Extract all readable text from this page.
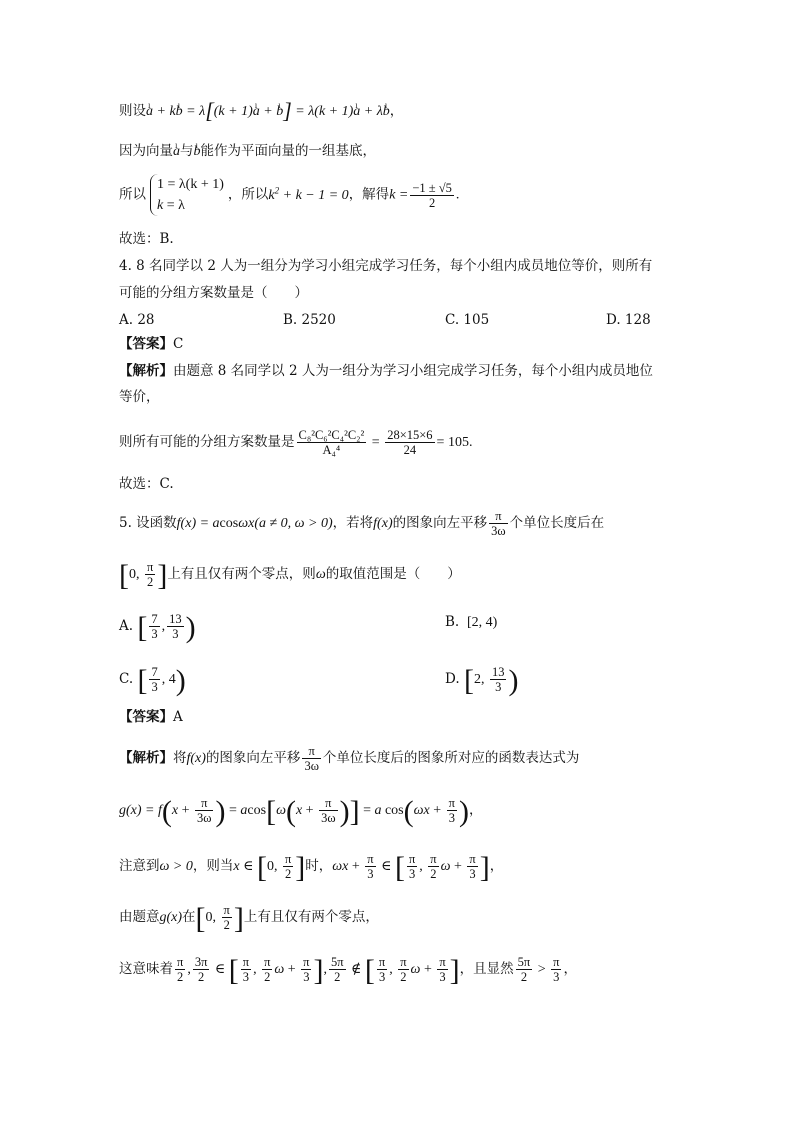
则设ı a + kı b = λ[(k + 1)ı a + ı b] = λ(k + 1)ı a + λı b，
因为向量ı a与ı b能作为平面向量的一组基底，
所以1 = λ(k + 1)
k = λ，所以$k^2 + k - 1 = 0$，解得$k = \frac{-1 \pm √5}{2}$ .
故选：B.
4. 8 名同学以 2 人为一组分为学习小组完成学习任务，每个小组内成员地位等价，则所有
可能的分组方案数量是（　　）
A. 28	B. 2520	C. 105	D. 128
【答案】C
【解析】由题意 8 名同学以 2 人为一组分为学习小组完成学习任务，每个小组内成员地位
等价，
则所有可能的分组方案数量是 $\frac{\text{C₈²C₆²C₄²C₂²}}{\text{A₄⁴}} = \frac{28\times 15\times 6}{24} = 105$.
故选：C.
5. 设函数f(x) = acosωx(a ≠ 0, ω > 0)，若将f(x)的图象向左平移 $\frac{\pi}{3\omega}$ 个单位长度后在
[0, $\frac{\pi}{2}$ ]上有且仅有两个零点，则ω的取值范围是（　　）
A. [ $\frac{7}{3}$ , $\frac{13}{3}$ )	B.  [2, 4)
C. [ $\frac{7}{3}$ , 4)	D. [2, $\frac{13}{3}$ )
【答案】A
【解析】将f(x)的图象向左平移 $\frac{\pi}{3\omega}$ 个单位长度后的图象所对应的函数表达式为
$g(x) = f(x + \frac{\pi}{3\omega}$ ) = $acos[\omega(x + \frac{\pi}{3\omega}$ )] = a $\cos(\omega x + \frac{\pi}{3}$ )，
注意到ω > 0，则当x ∈ [0, $\frac{\pi}{2}$ ]时，$\omega x + \frac{\pi}{3}$ ∈ [ $\frac{\pi}{3}$ , $\frac{\pi}{2}$ $\omega + \frac{\pi}{3}$ ]，
由题意g(x)在[0, $\frac{\pi}{2}$ ]上有且仅有两个零点，
这意味着 $\frac{\pi}{2}$ , $\frac{3\pi}{2}$ ∈ [ $\frac{\pi}{3}$ , $\frac{\pi}{2}$ $\omega + \frac{\pi}{3}$ ], $\frac{5\pi}{2}$ ∉ [ $\frac{\pi}{3}$ , $\frac{\pi}{2}$ $\omega + \frac{\pi}{3}$ ]，且显然 $\frac{5\pi}{2} > \frac{\pi}{3}$ ，
